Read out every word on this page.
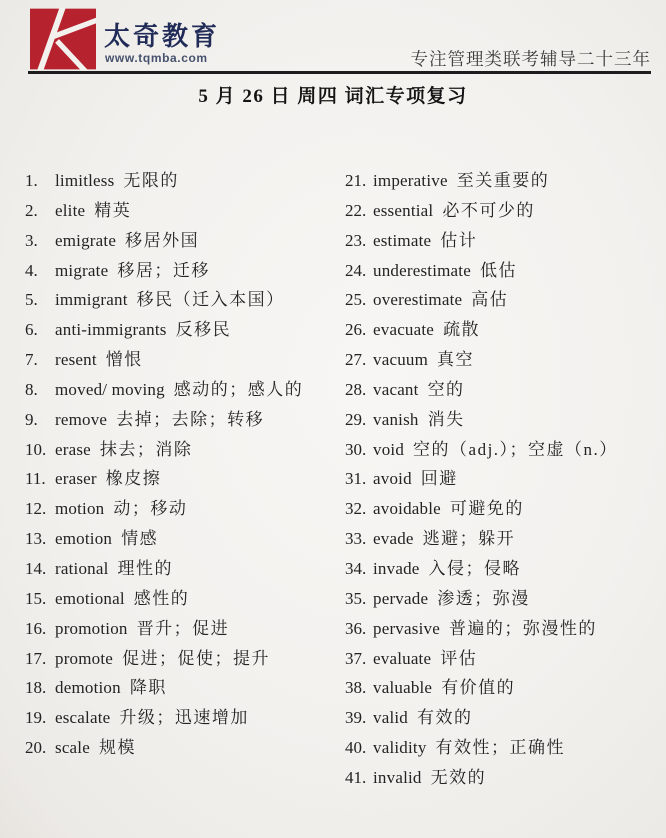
太奇教育
www.tqmba.com	专注管理类联考辅导二十三年
5 月 26 日 周四 词汇专项复习
1. limitless 无限的
2. elite 精英
3. emigrate 移居外国
4. migrate 移居；迁移
5. immigrant 移民（迁入本国）
6. anti-immigrants 反移民
7. resent 憎恨
8. moved/ moving 感动的；感人的
9. remove 去掉；去除；转移
10. erase 抹去；消除
11. eraser 橡皮擦
12. motion 动；移动
13. emotion 情感
14. rational 理性的
15. emotional 感性的
16. promotion 晋升；促进
17. promote 促进；促使；提升
18. demotion 降职
19. escalate 升级；迅速增加
20. scale 规模
21. imperative 至关重要的
22. essential 必不可少的
23. estimate 估计
24. underestimate 低估
25. overestimate 高估
26. evacuate 疏散
27. vacuum 真空
28. vacant 空的
29. vanish 消失
30. void 空的（adj.）；空虚（n.）
31. avoid 回避
32. avoidable 可避免的
33. evade 逃避；躲开
34. invade 入侵；侵略
35. pervade 渗透；弥漫
36. pervasive 普遍的；弥漫性的
37. evaluate 评估
38. valuable 有价值的
39. valid 有效的
40. validity 有效性；正确性
41. invalid 无效的
